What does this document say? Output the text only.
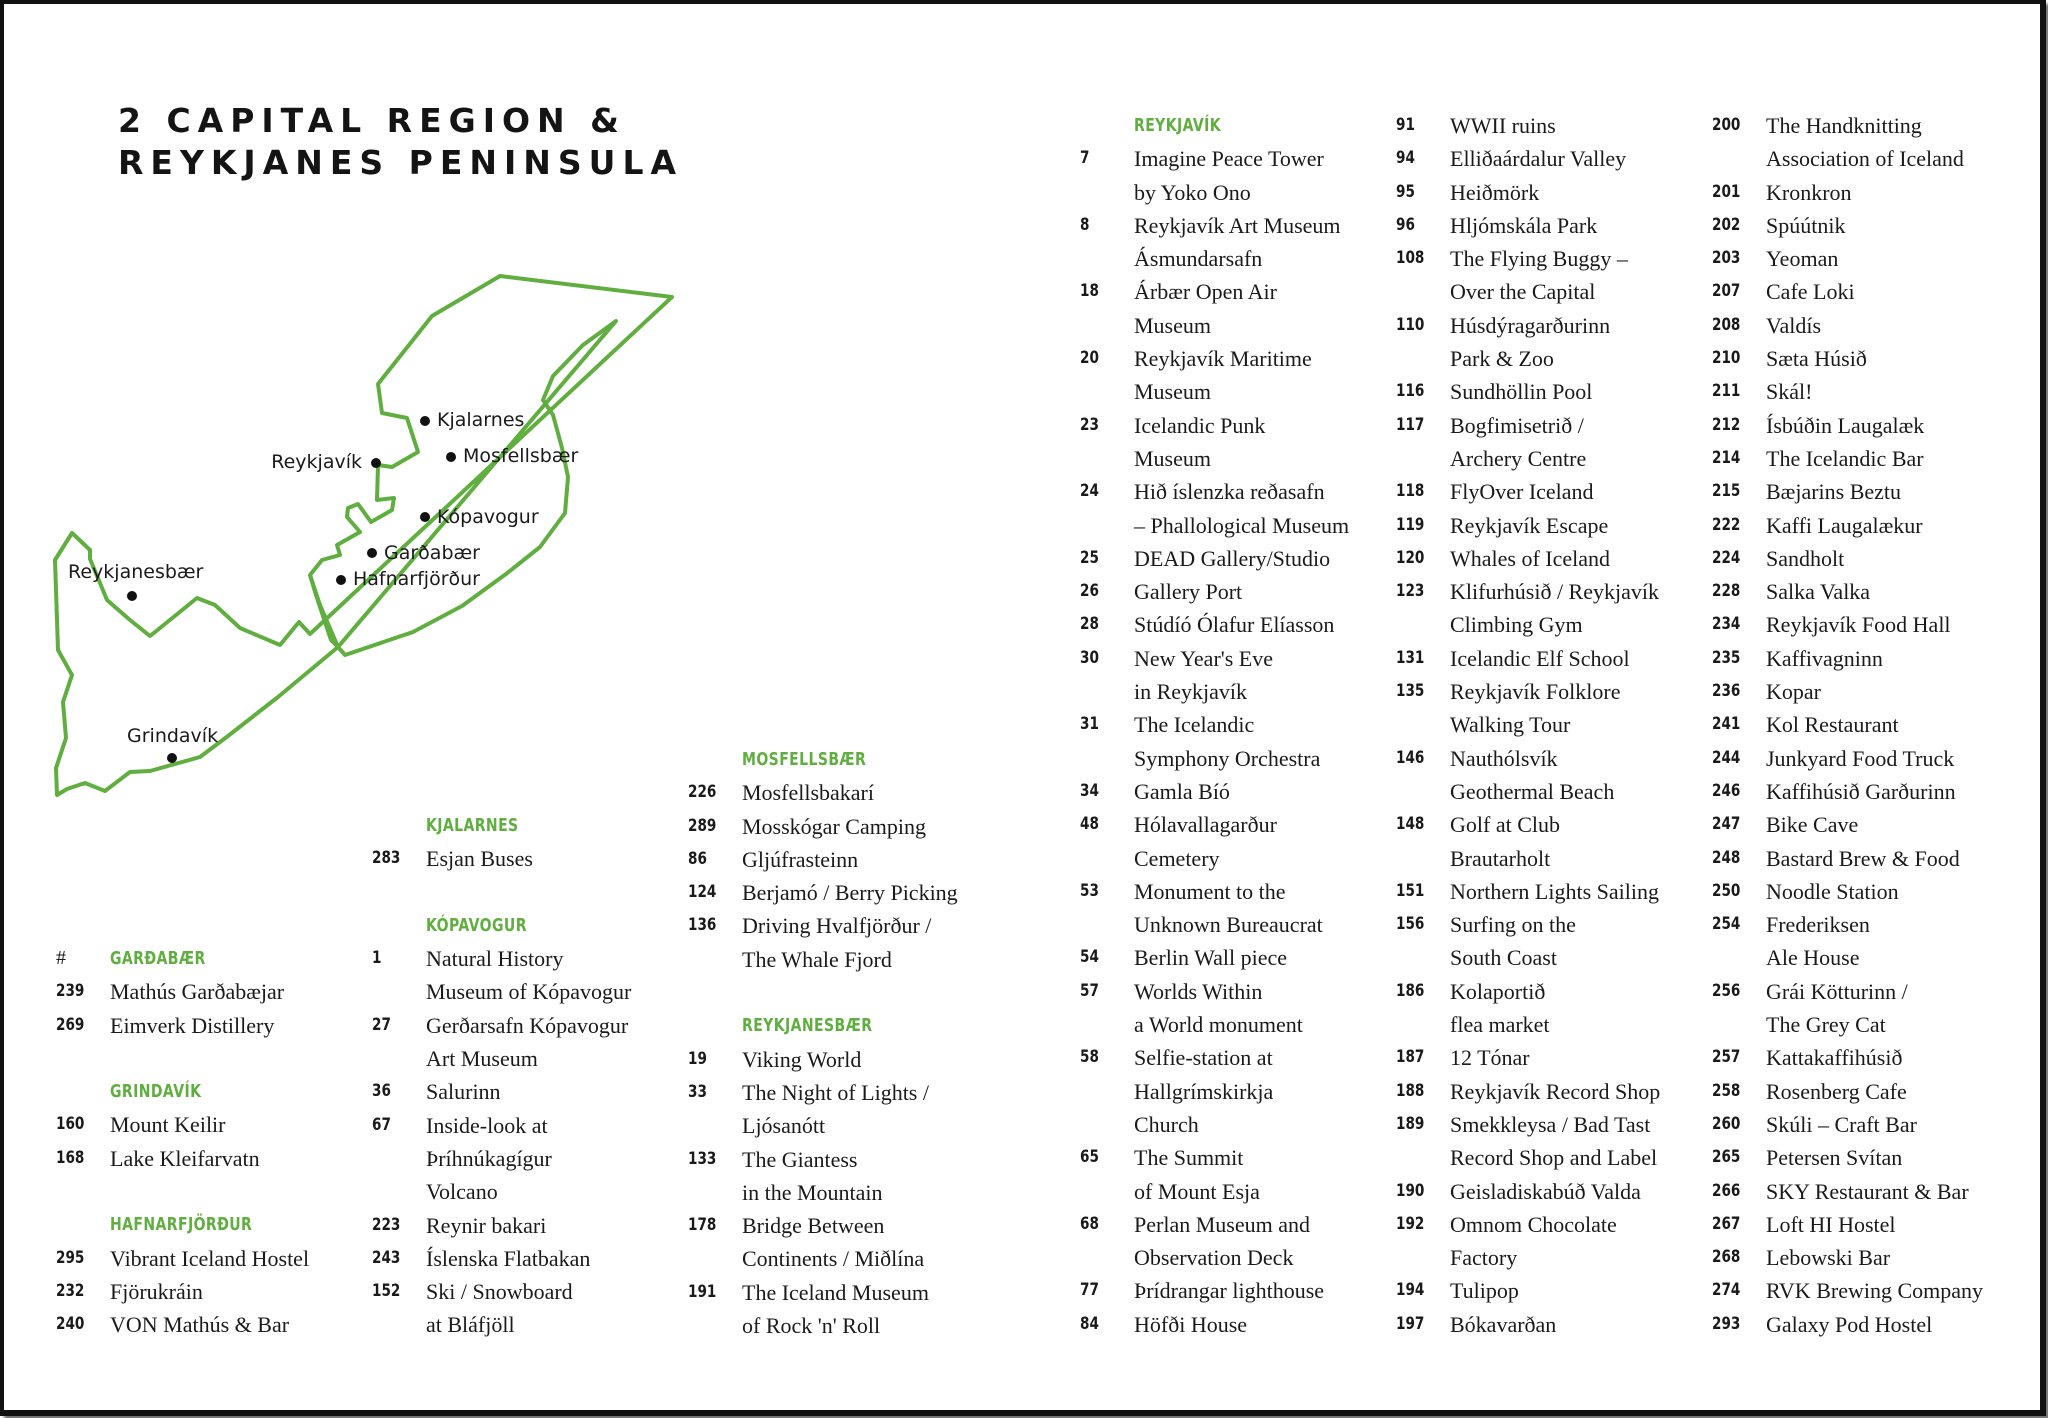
2 CAPITAL REGION &
REYKJANES PENINSULA
Kjalarnes
Reykjavík	Mosfellsbær
Kópavogur
Garðabær
Hafnarfjörður
Reykjanesbær
Grindavík
# GARÐABÆR
239 Mathús Garðabæjar
269 Eimverk Distillery
GRINDAVÍK
160 Mount Keilir
168 Lake Kleifarvatn
HAFNARFJÖRÐUR
295 Vibrant Iceland Hostel
232 Fjörukráin
240 VON Mathús & Bar
KJALARNES
283 Esjan Buses
KÓPAVOGUR
1 Natural History
Museum of Kópavogur
27 Gerðarsafn Kópavogur
Art Museum
36 Salurinn
67 Inside-look at
Þríhnúkagígur
Volcano
223 Reynir bakari
243 Íslenska Flatbakan
152 Ski / Snowboard
at Bláfjöll
MOSFELLSBÆR
226 Mosfellsbakarí
289 Mosskógar Camping
86 Gljúfrasteinn
124 Berjamó / Berry Picking
136 Driving Hvalfjörður /
The Whale Fjord
REYKJANESBÆR
19 Viking World
33 The Night of Lights /
Ljósanótt
133 The Giantess
in the Mountain
178 Bridge Between
Continents / Miðlína
191 The Iceland Museum
of Rock 'n' Roll
REYKJAVÍK
7 Imagine Peace Tower
by Yoko Ono
8 Reykjavík Art Museum
Ásmundarsafn
18 Árbær Open Air
Museum
20 Reykjavík Maritime
Museum
23 Icelandic Punk
Museum
24 Hið íslenzka reðasafn
– Phallological Museum
25 DEAD Gallery/Studio
26 Gallery Port
28 Stúdíó Ólafur Elíasson
30 New Year's Eve
in Reykjavík
31 The Icelandic
Symphony Orchestra
34 Gamla Bíó
48 Hólavallagarður
Cemetery
53 Monument to the
Unknown Bureaucrat
54 Berlin Wall piece
57 Worlds Within
a World monument
58 Selfie-station at
Hallgrímskirkja
Church
65 The Summit
of Mount Esja
68 Perlan Museum and
Observation Deck
77 Þrídrangar lighthouse
84 Höfði House
91 WWII ruins
94 Elliðaárdalur Valley
95 Heiðmörk
96 Hljómskála Park
108 The Flying Buggy –
Over the Capital
110 Húsdýragarðurinn
Park & Zoo
116 Sundhöllin Pool
117 Bogfimisetrið /
Archery Centre
118 FlyOver Iceland
119 Reykjavík Escape
120 Whales of Iceland
123 Klifurhúsið / Reykjavík
Climbing Gym
131 Icelandic Elf School
135 Reykjavík Folklore
Walking Tour
146 Nauthólsvík
Geothermal Beach
148 Golf at Club
Brautarholt
151 Northern Lights Sailing
156 Surfing on the
South Coast
186 Kolaportið
flea market
187 12 Tónar
188 Reykjavík Record Shop
189 Smekkleysa / Bad Tast
Record Shop and Label
190 Geisladiskabúð Valda
192 Omnom Chocolate
Factory
194 Tulipop
197 Bókavarðan
200 The Handknitting
Association of Iceland
201 Kronkron
202 Spúútnik
203 Yeoman
207 Cafe Loki
208 Valdís
210 Sæta Húsið
211 Skál!
212 Ísbúðin Laugalæk
214 The Icelandic Bar
215 Bæjarins Beztu
222 Kaffi Laugalækur
224 Sandholt
228 Salka Valka
234 Reykjavík Food Hall
235 Kaffivagninn
236 Kopar
241 Kol Restaurant
244 Junkyard Food Truck
246 Kaffihúsið Garðurinn
247 Bike Cave
248 Bastard Brew & Food
250 Noodle Station
254 Frederiksen
Ale House
256 Grái Kötturinn /
The Grey Cat
257 Kattakaffihúsið
258 Rosenberg Cafe
260 Skúli – Craft Bar
265 Petersen Svítan
266 SKY Restaurant & Bar
267 Loft HI Hostel
268 Lebowski Bar
274 RVK Brewing Company
293 Galaxy Pod Hostel
